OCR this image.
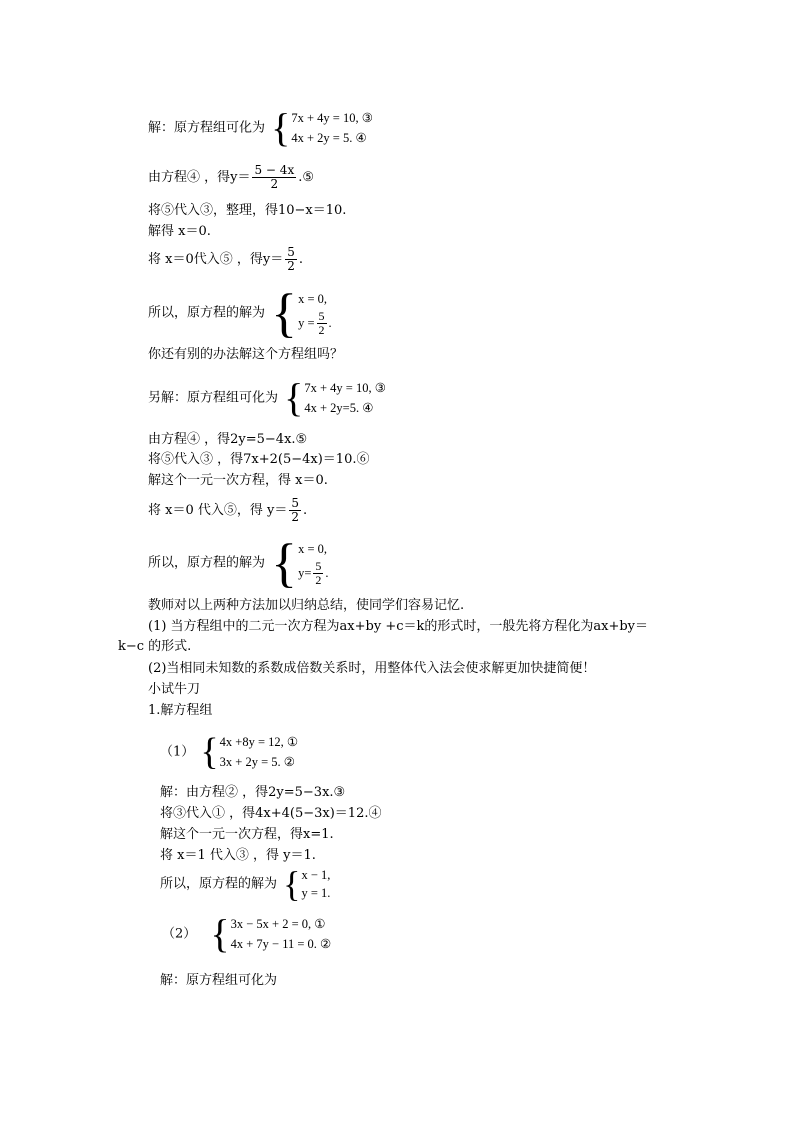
解：原方程组可化为 { 7x + 4y = 10, ③
4x + 2y = 5. ④
由方程④ ，得$y= \frac{5 - 4x}{2}$ .⑤
将⑤代入③，整理，得10−x＝10.
解得 x＝0.
将 x＝0代入⑤ ，得$y= \frac{5}{2}$ .
所以，原方程的解为 { x = 0,
$y = \frac{5}{2}$ .
你还有别的办法解这个方程组吗？
另解：原方程组可化为 { 7x + 4y = 10, ③
4x + 2y=5. ④
由方程④ ，得2y=5−4x.⑤
将⑤代入③ ，得7x+2(5−4x)＝10.⑥
解这个一元一次方程，得 x＝0.
将 x＝0 代入⑤，得 $y= \frac{5}{2}$ .
所以，原方程的解为 { x = 0,
$y= \frac{5}{2}$ .
教师对以上两种方法加以归纳总结，使同学们容易记忆.
(1) 当方程组中的二元一次方程为ax+by +c＝k的形式时，一般先将方程化为ax+by＝
k−c 的形式.
(2)当相同未知数的系数成倍数关系时，用整体代入法会使求解更加快捷简便！
小试牛刀
1.解方程组
（1） { 4x +8y = 12, ①
3x + 2y = 5. ②
解：由方程② ，得2y=5−3x.③
将③代入① ，得4x+4(5−3x)＝12.④
解这个一元一次方程，得x=1.
将 x＝1 代入③ ，得 y＝1.
所以，原方程的解为 { x − 1,
y = 1.
（2） { 3x − 5x + 2 = 0, ①
4x + 7y − 11 = 0. ②
解：原方程组可化为
